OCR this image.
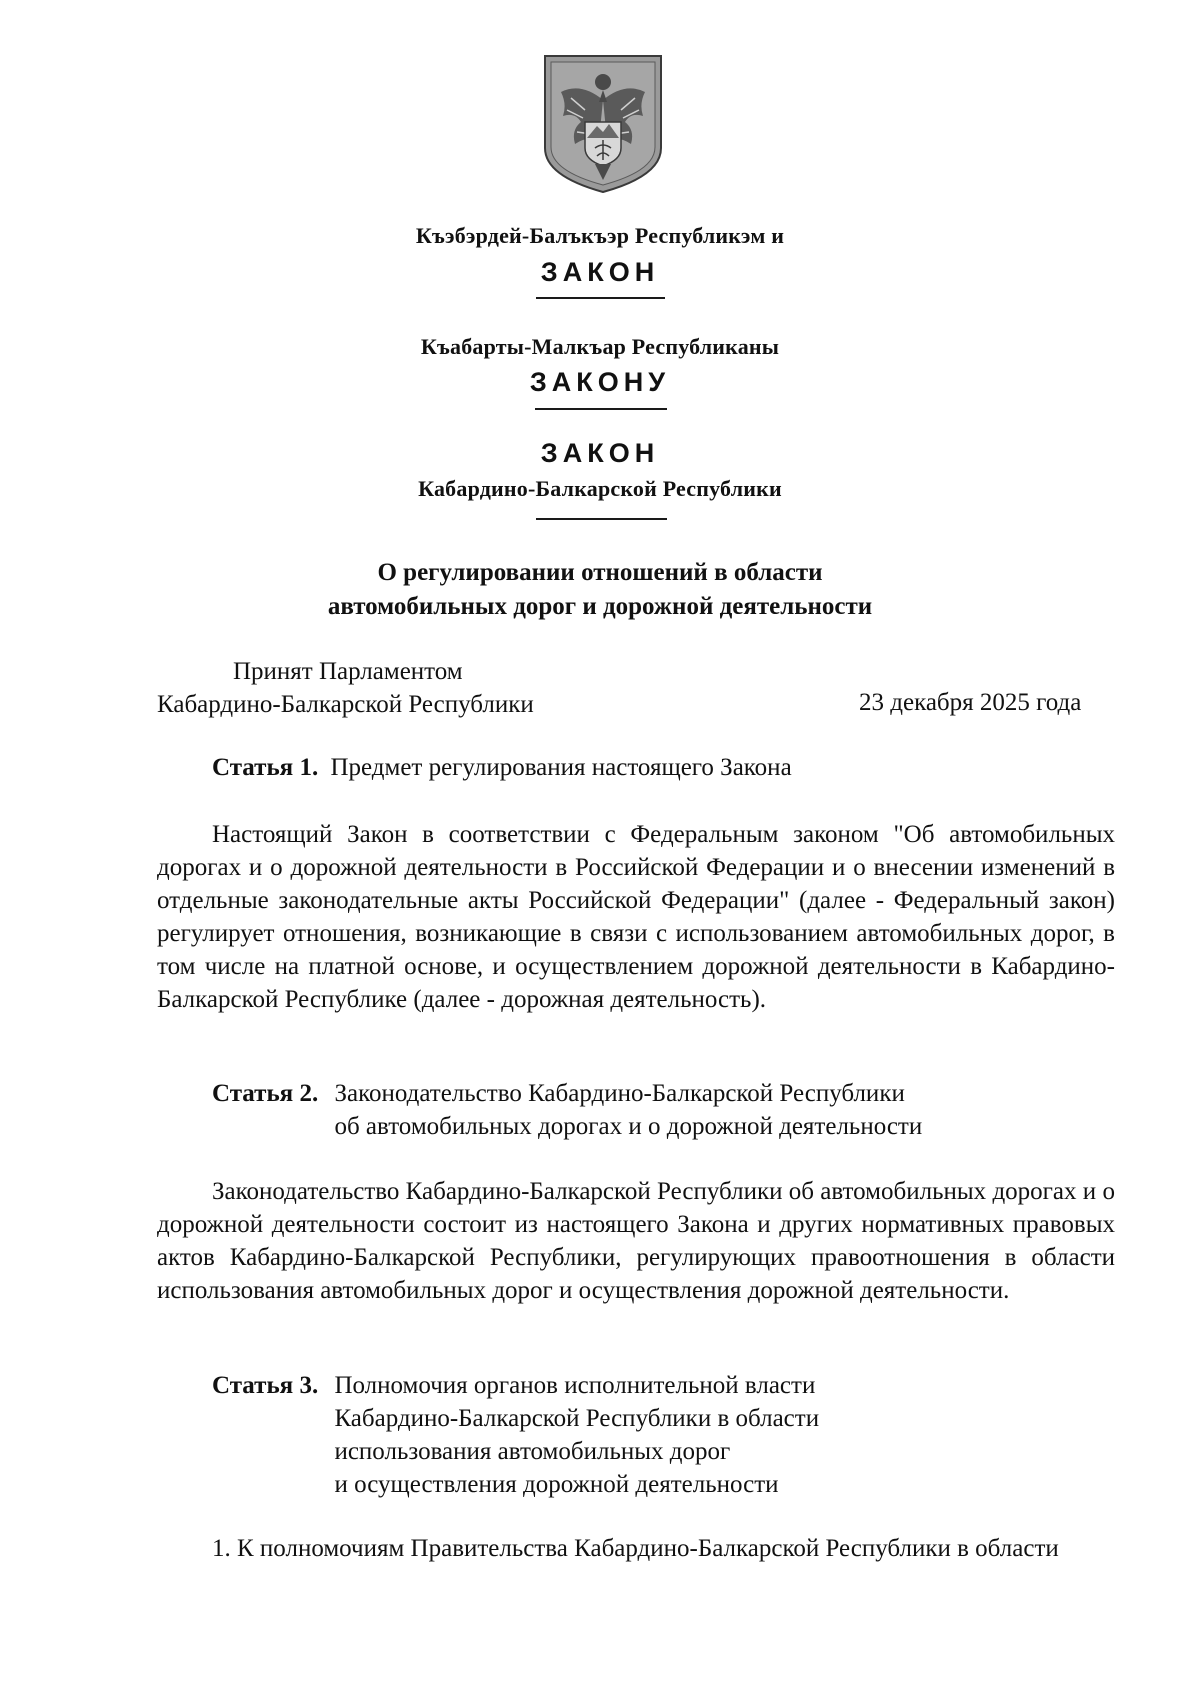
Къэбэрдей-Балъкъэр Республикэм и
ЗАКОН
Къабарты-Малкъар Республиканы
ЗАКОНУ
ЗАКОН
Кабардино-Балкарской Республики
О регулировании отношений в области
автомобильных дорог и дорожной деятельности
Принят Парламентом
Кабардино-Балкарской Республики	23 декабря 2025 года
Статья 1. Предмет регулирования настоящего Закона
Настоящий Закон в соответствии с Федеральным законом "Об автомобильных дорогах и о дорожной деятельности в Российской Федерации и о внесении изменений в отдельные законодательные акты Российской Федерации" (далее - Федеральный закон) регулирует отношения, возникающие в связи с использованием автомобильных дорог, в том числе на платной основе, и осуществлением дорожной деятельности в Кабардино-Балкарской Республике (далее - дорожная деятельность).
Статья 2. Законодательство Кабардино-Балкарской Республики
об автомобильных дорогах и о дорожной деятельности
Законодательство Кабардино-Балкарской Республики об автомобильных дорогах и о дорожной деятельности состоит из настоящего Закона и других нормативных правовых актов Кабардино-Балкарской Республики, регулирующих правоотношения в области использования автомобильных дорог и осуществления дорожной деятельности.
Статья 3. Полномочия органов исполнительной власти
Кабардино-Балкарской Республики в области
использования автомобильных дорог
и осуществления дорожной деятельности
1. К полномочиям Правительства Кабардино-Балкарской Республики в области
